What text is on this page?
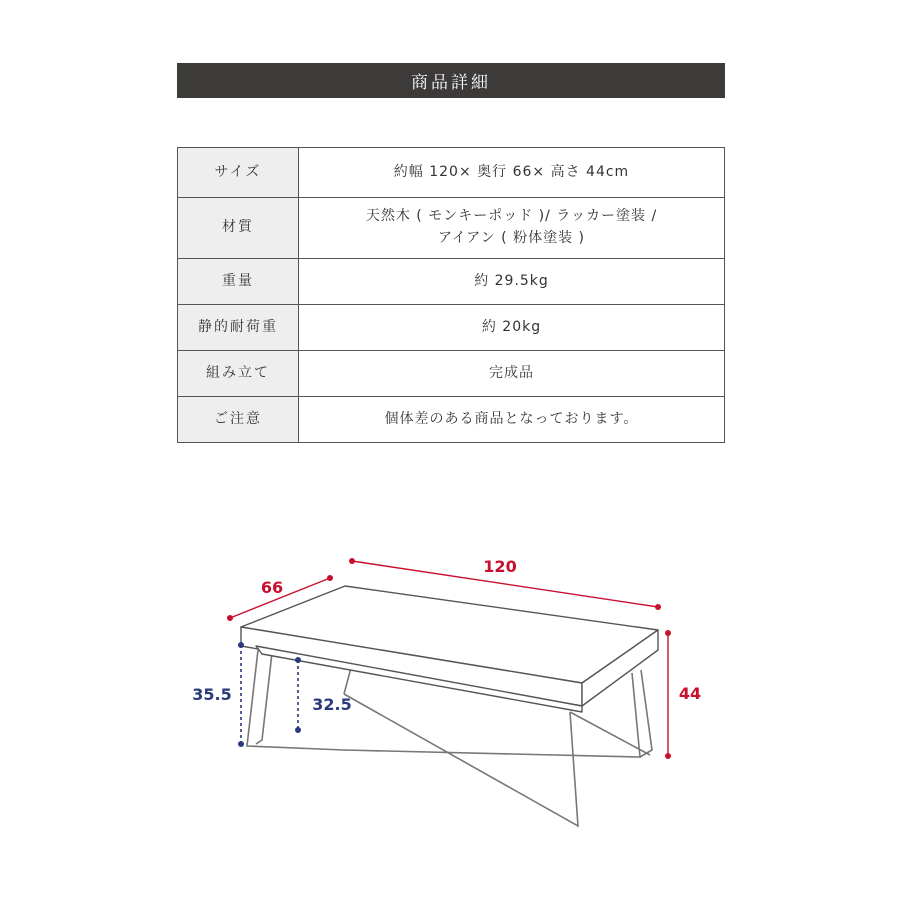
商品詳細
サイズ	約幅 120× 奥行 66× 高さ 44cm
材質	天然木 ( モンキーポッド )/ ラッカー塗装 /
アイアン ( 粉体塗装 )

重量	約 29.5kg
静的耐荷重	約 20kg
組み立て	完成品
ご注意	個体差のある商品となっております。
120
66
44
35.5
32.5
